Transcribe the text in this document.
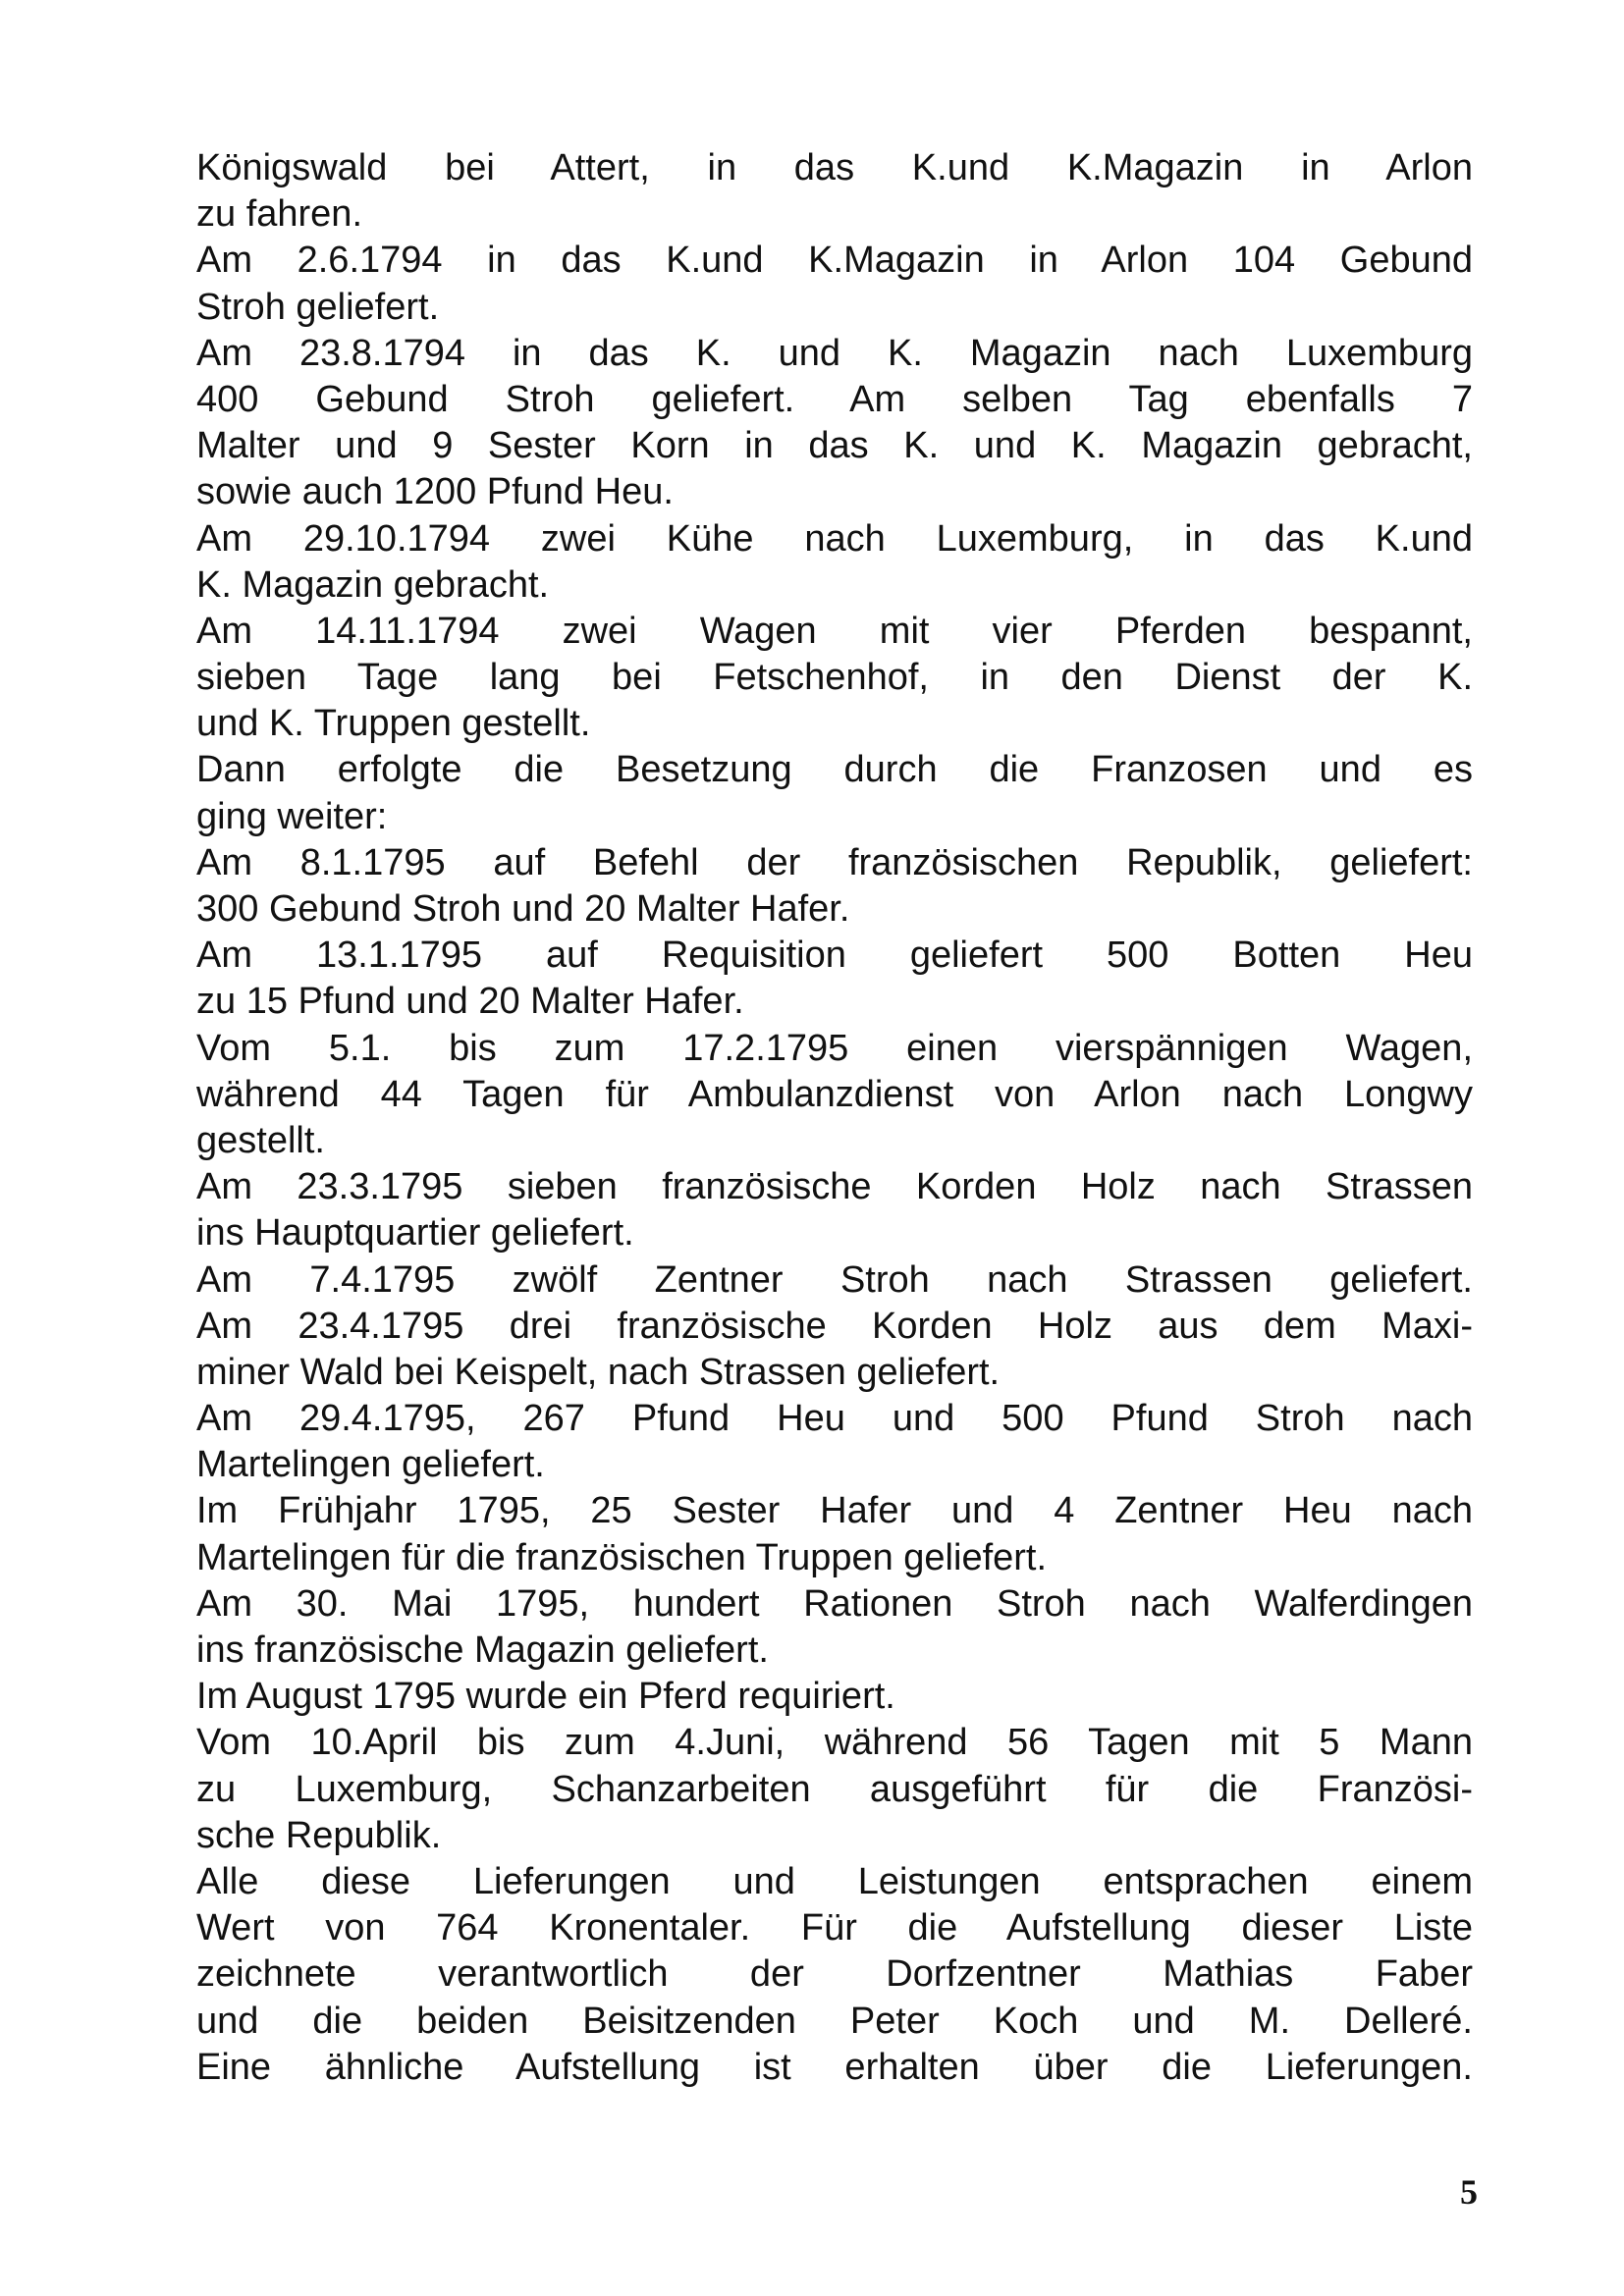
Königswald bei Attert, in das K.und K.Magazin in Arlon
zu fahren.
Am 2.6.1794 in das K.und K.Magazin in Arlon 104 Gebund
Stroh geliefert.
Am 23.8.1794 in das K. und K. Magazin nach Luxemburg
400 Gebund Stroh geliefert. Am selben Tag ebenfalls 7
Malter und 9 Sester Korn in das K. und K. Magazin gebracht,
sowie auch 1200 Pfund Heu.
Am 29.10.1794 zwei Kühe nach Luxemburg, in das K.und
K. Magazin gebracht.
Am 14.11.1794 zwei Wagen mit vier Pferden bespannt,
sieben Tage lang bei Fetschenhof, in den Dienst der K.
und K. Truppen gestellt.
Dann erfolgte die Besetzung durch die Franzosen und es
ging weiter:
Am 8.1.1795 auf Befehl der französischen Republik, geliefert:
300 Gebund Stroh und 20 Malter Hafer.
Am 13.1.1795 auf Requisition geliefert 500 Botten Heu
zu 15 Pfund und 20 Malter Hafer.
Vom 5.1. bis zum 17.2.1795 einen vierspännigen Wagen,
während 44 Tagen für Ambulanzdienst von Arlon nach Longwy
gestellt.
Am 23.3.1795 sieben französische Korden Holz nach Strassen
ins Hauptquartier geliefert.
Am 7.4.1795 zwölf Zentner Stroh nach Strassen geliefert.
Am 23.4.1795 drei französische Korden Holz aus dem Maxi-
miner Wald bei Keispelt, nach Strassen geliefert.
Am 29.4.1795, 267 Pfund Heu und 500 Pfund Stroh nach
Martelingen geliefert.
Im Frühjahr 1795, 25 Sester Hafer und 4 Zentner Heu nach
Martelingen für die französischen Truppen geliefert.
Am 30. Mai 1795, hundert Rationen Stroh nach Walferdingen
ins französische Magazin geliefert.
Im August 1795 wurde ein Pferd requiriert.
Vom 10.April bis zum 4.Juni, während 56 Tagen mit 5 Mann
zu Luxemburg, Schanzarbeiten ausgeführt für die Französi-
sche Republik.
Alle diese Lieferungen und Leistungen entsprachen einem
Wert von 764 Kronentaler. Für die Aufstellung dieser Liste
zeichnete verantwortlich der Dorfzentner Mathias Faber
und die beiden Beisitzenden Peter Koch und M. Delleré.
Eine ähnliche Aufstellung ist erhalten über die Lieferungen.
5
